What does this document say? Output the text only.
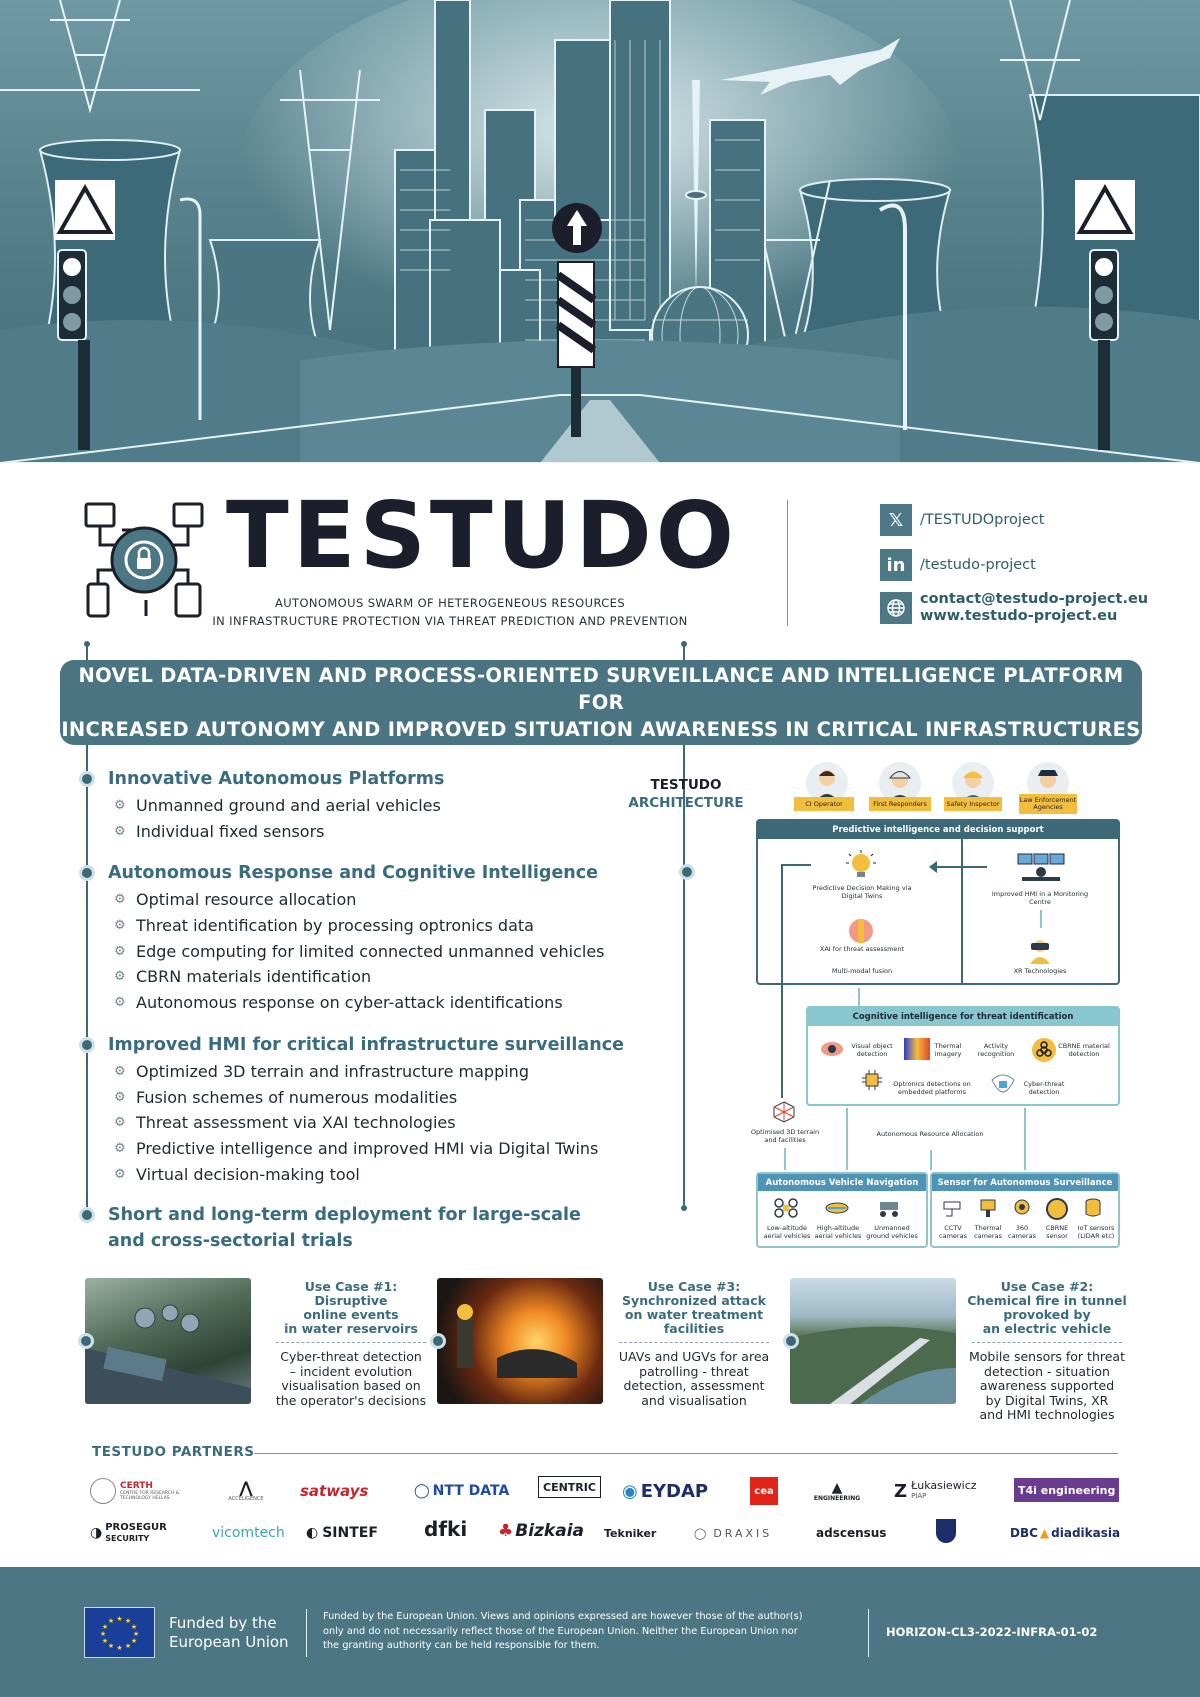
TESTUDO
AUTONOMOUS SWARM OF HETEROGENEOUS RESOURCES
IN INFRASTRUCTURE PROTECTION VIA THREAT PREDICTION AND PREVENTION
𝕏	/TESTUDOproject
in	/testudo-project
contact@testudo-project.eu
www.testudo-project.eu
NOVEL DATA-DRIVEN AND PROCESS-ORIENTED SURVEILLANCE AND INTELLIGENCE PLATFORM FOR
INCREASED AUTONOMY AND IMPROVED SITUATION AWARENESS IN CRITICAL INFRASTRUCTURES
Innovative Autonomous Platforms
⚙ Unmanned ground and aerial vehicles
⚙ Individual fixed sensors
Autonomous Response and Cognitive Intelligence
⚙ Optimal resource allocation
⚙ Threat identification by processing optronics data
⚙ Edge computing for limited connected unmanned vehicles
⚙ CBRN materials identification
⚙ Autonomous response on cyber-attack identifications
Improved HMI for critical infrastructure surveillance
⚙ Optimized 3D terrain and infrastructure mapping
⚙ Fusion schemes of numerous modalities
⚙ Threat assessment via XAI technologies
⚙ Predictive intelligence and improved HMI via Digital Twins
⚙ Virtual decision-making tool
Short and long-term deployment for large-scale
and cross-sectorial trials
TESTUDO
ARCHITECTURE	CI Operator	First Responders	Safety Inspector	Law Enforcement Agencies
Predictive intelligence and decision support
Predictive Decision Making via Digital Twins
XAI for threat assessment
Multi-modal fusion
Improved HMI in a Monitoring Centre
XR Technologies
Cognitive intelligence for threat identification
Visual object detection
Thermal imagery
Activity recognition
CBRNE material detection
Optronics detections on embedded platforms
Cyber-threat detection
Optimised 3D terrain and facilities
Autonomous Resource Allocation
Autonomous Vehicle Navigation
Low-altitude aerial vehicles
High-altitude aerial vehicles
Unmanned ground vehicles
Sensor for Autonomous Surveillance
CCTV cameras
Thermal cameras
360 cameras
CBRNE sensor
IoT sensors (LIDAR etc)
Use Case #1:
Disruptive
online events
in water reservoirs
Cyber-threat detection
– incident evolution
visualisation based on
the operator's decisions
Use Case #3:
Synchronized attack
on water treatment
facilities
UAVs and UGVs for area
patrolling - threat
detection, assessment
and visualisation
Use Case #2:
Chemical fire in tunnel
provoked by
an electric vehicle
Mobile sensors for threat
detection - situation
awareness supported
by Digital Twins, XR
and HMI technologies
TESTUDO PARTNERS
CERTH
CENTRE FOR RESEARCH & TECHNOLOGY HELLAS
⋀
ACCELIGENCE satways	◯ NTT DATA	CENTRIC ◉ EYDAP	cea	▲
ENGINEERING Z Łukasiewicz
PIAP	T4i engineering
◑ PROSEGUR
SECURITY	vicomtech ◐ SINTEF dfki ♣ Bizkaia Tekniker	◯ DRAXIS	adscensus	DBC ▲ diadikasia
★ ★
★
★
★
★
★
★
★
★
★
★	Funded by the
European Union
Funded by the European Union. Views and opinions expressed are however those of the author(s)
only and do not necessarily reflect those of the European Union. Neither the European Union nor
the granting authority can be held responsible for them.
HORIZON-CL3-2022-INFRA-01-02
